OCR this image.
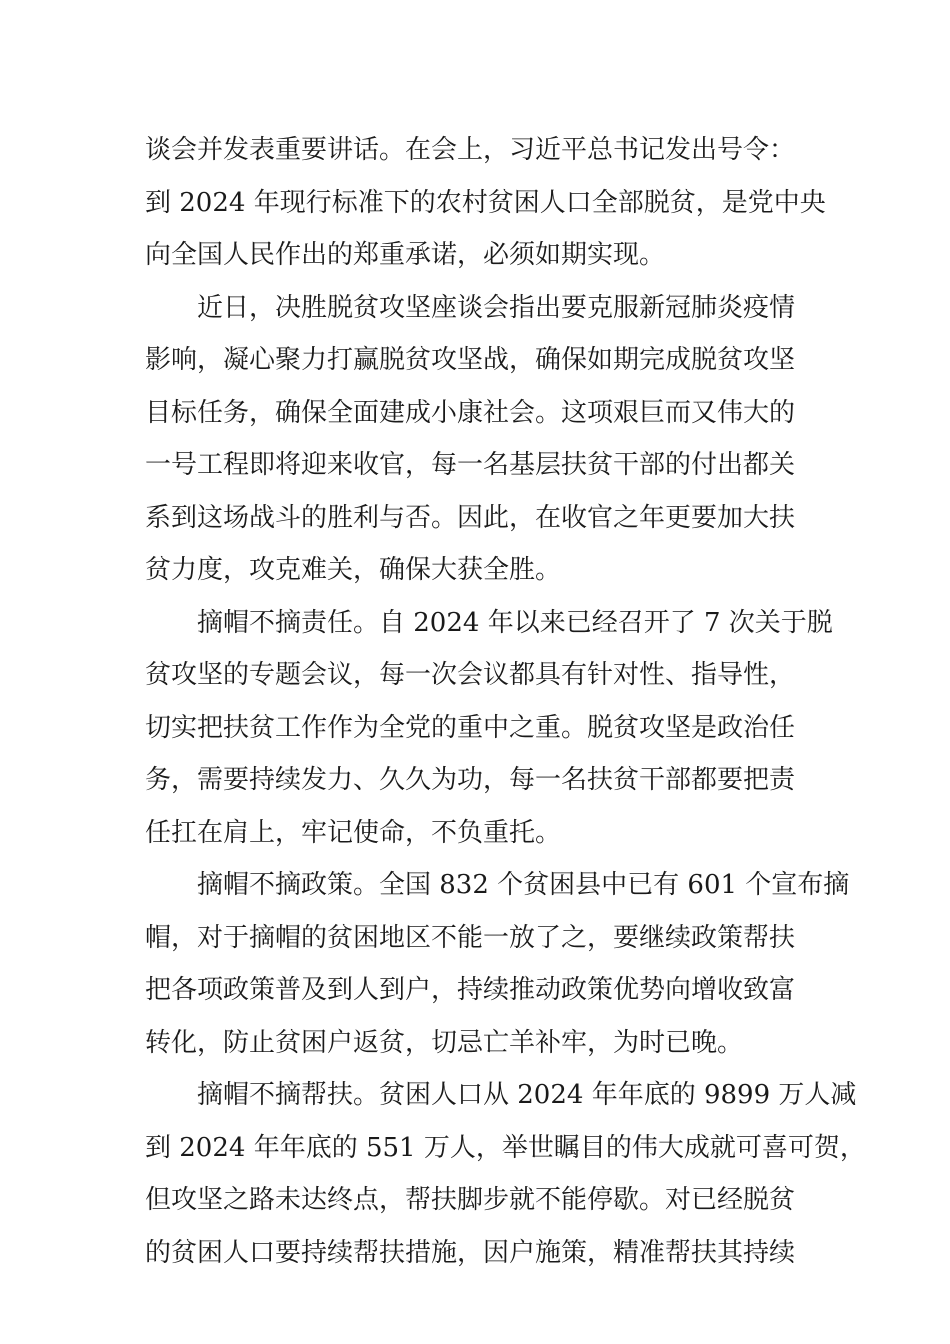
谈会并发表重要讲话。在会上，习近平总书记发出号令：
到 2024 年现行标准下的农村贫困人口全部脱贫，是党中央
向全国人民作出的郑重承诺，必须如期实现。
近日，决胜脱贫攻坚座谈会指出要克服新冠肺炎疫情
影响，凝心聚力打赢脱贫攻坚战，确保如期完成脱贫攻坚
目标任务，确保全面建成小康社会。这项艰巨而又伟大的
一号工程即将迎来收官，每一名基层扶贫干部的付出都关
系到这场战斗的胜利与否。因此，在收官之年更要加大扶
贫力度，攻克难关，确保大获全胜。
摘帽不摘责任。自 2024 年以来已经召开了 7 次关于脱
贫攻坚的专题会议，每一次会议都具有针对性、指导性，
切实把扶贫工作作为全党的重中之重。脱贫攻坚是政治任
务，需要持续发力、久久为功，每一名扶贫干部都要把责
任扛在肩上，牢记使命，不负重托。
摘帽不摘政策。全国 832 个贫困县中已有 601 个宣布摘
帽，对于摘帽的贫困地区不能一放了之，要继续政策帮扶
把各项政策普及到人到户，持续推动政策优势向增收致富
转化，防止贫困户返贫，切忌亡羊补牢，为时已晚。
摘帽不摘帮扶。贫困人口从 2024 年年底的 9899 万人减
到 2024 年年底的 551 万人，举世瞩目的伟大成就可喜可贺，
但攻坚之路未达终点，帮扶脚步就不能停歇。对已经脱贫
的贫困人口要持续帮扶措施，因户施策，精准帮扶其持续
